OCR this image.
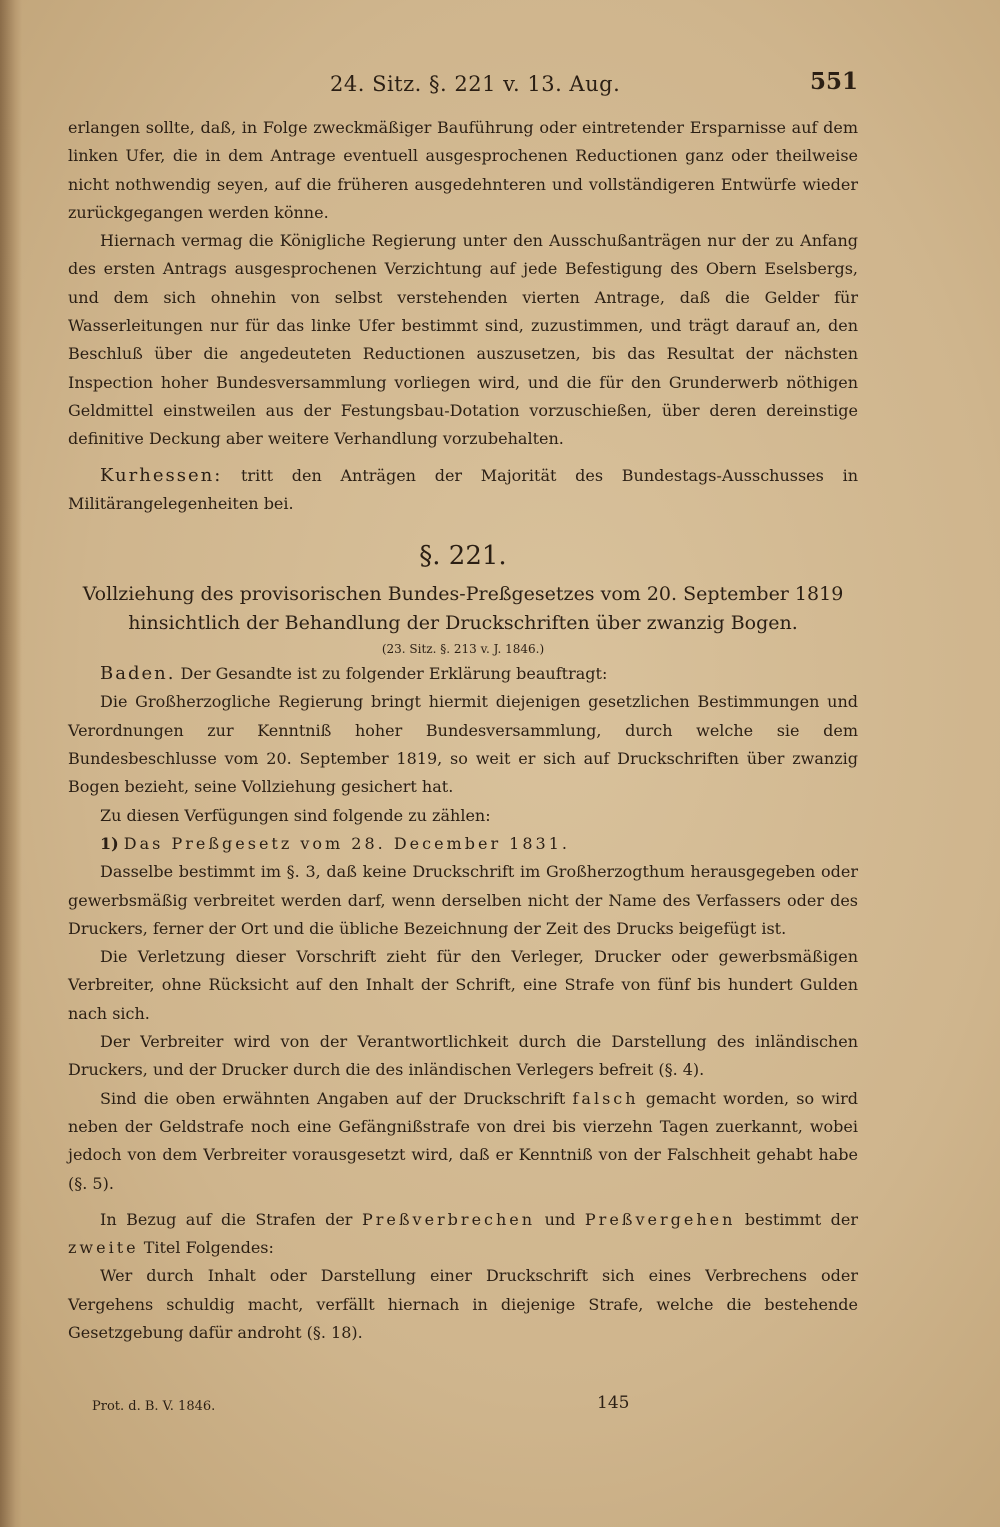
24. Sitz. §. 221 v. 13. Aug.	551

erlangen sollte, daß, in Folge zweckmäßiger Bauführung oder eintretender Ersparnisse auf dem linken Ufer, die in dem Antrage eventuell ausgesprochenen Reductionen ganz oder theilweise nicht nothwendig seyen, auf die früheren ausgedehnteren und vollständigeren Entwürfe wieder zurückgegangen werden könne.

Hiernach vermag die Königliche Regierung unter den Ausschußanträgen nur der zu Anfang des ersten Antrags ausgesprochenen Verzichtung auf jede Befestigung des Obern Eselsbergs, und dem sich ohnehin von selbst verstehenden vierten Antrage, daß die Gelder für Wasserleitungen nur für das linke Ufer bestimmt sind, zuzustimmen, und trägt darauf an, den Beschluß über die angedeuteten Reductionen auszusetzen, bis das Resultat der nächsten Inspection hoher Bundesversammlung vorliegen wird, und die für den Grunderwerb nöthigen Geldmittel einstweilen aus der Festungsbau-Dotation vorzuschießen, über deren dereinstige definitive Deckung aber weitere Verhandlung vorzubehalten.

Kurhessen: tritt den Anträgen der Majorität des Bundestags-Ausschusses in Militärangelegenheiten bei.

§. 221.

Vollziehung des provisorischen Bundes-Preßgesetzes vom 20. September 1819

hinsichtlich der Behandlung der Druckschriften über zwanzig Bogen.

(23. Sitz. §. 213 v. J. 1846.)

Baden. Der Gesandte ist zu folgender Erklärung beauftragt:

Die Großherzogliche Regierung bringt hiermit diejenigen gesetzlichen Bestimmungen und Verordnungen zur Kenntniß hoher Bundesversammlung, durch welche sie dem Bundesbeschlusse vom 20. September 1819, so weit er sich auf Druckschriften über zwanzig Bogen bezieht, seine Vollziehung gesichert hat.

Zu diesen Verfügungen sind folgende zu zählen:

1) Das Preßgesetz vom 28. December 1831.

Dasselbe bestimmt im §. 3, daß keine Druckschrift im Großherzogthum herausgegeben oder gewerbsmäßig verbreitet werden darf, wenn derselben nicht der Name des Verfassers oder des Druckers, ferner der Ort und die übliche Bezeichnung der Zeit des Drucks beigefügt ist.

Die Verletzung dieser Vorschrift zieht für den Verleger, Drucker oder gewerbsmäßigen Verbreiter, ohne Rücksicht auf den Inhalt der Schrift, eine Strafe von fünf bis hundert Gulden nach sich.

Der Verbreiter wird von der Verantwortlichkeit durch die Darstellung des inländischen Druckers, und der Drucker durch die des inländischen Verlegers befreit (§. 4).

Sind die oben erwähnten Angaben auf der Druckschrift falsch gemacht worden, so wird neben der Geldstrafe noch eine Gefängnißstrafe von drei bis vierzehn Tagen zuerkannt, wobei jedoch von dem Verbreiter vorausgesetzt wird, daß er Kenntniß von der Falschheit gehabt habe (§. 5).

In Bezug auf die Strafen der Preßverbrechen und Preßvergehen bestimmt der zweite Titel Folgendes:

Wer durch Inhalt oder Darstellung einer Druckschrift sich eines Verbrechens oder Vergehens schuldig macht, verfällt hiernach in diejenige Strafe, welche die bestehende Gesetzgebung dafür androht (§. 18).

Prot. d. B. V. 1846.	145
